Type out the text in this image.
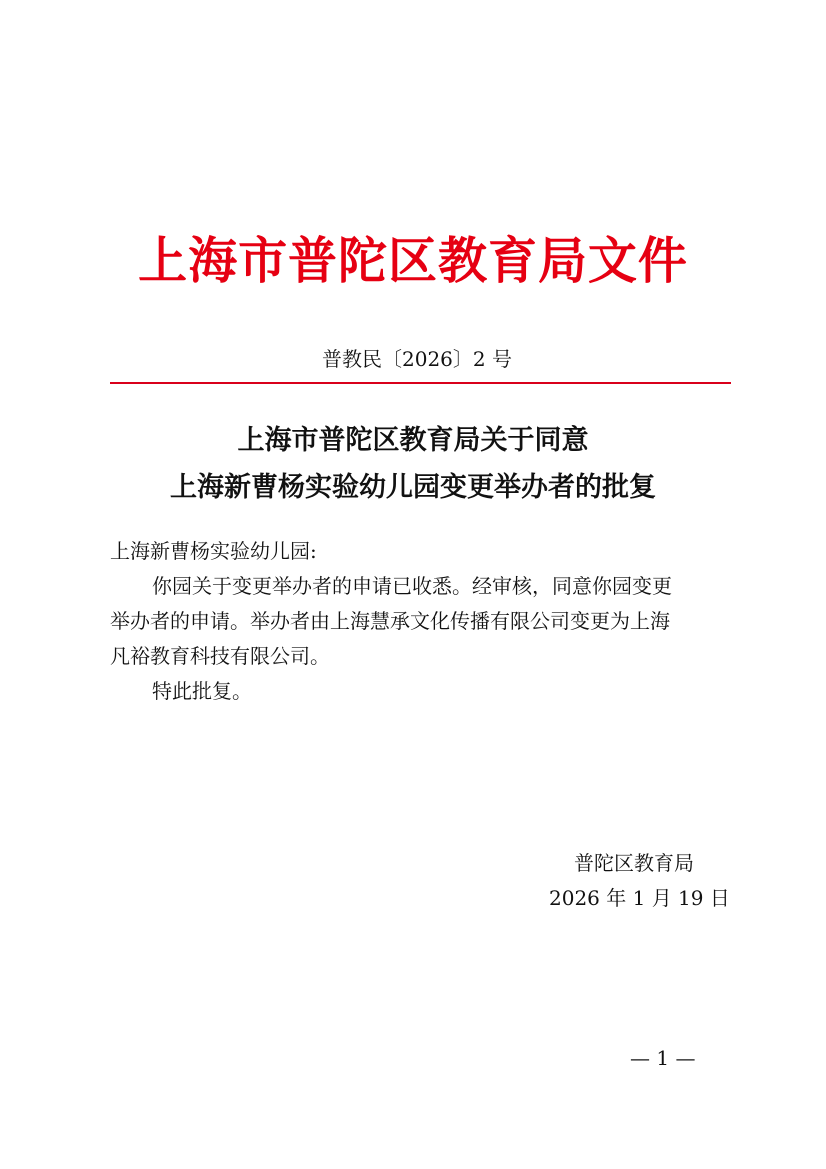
上海市普陀区教育局文件
普教民〔2026〕2 号
上海市普陀区教育局关于同意
上海新曹杨实验幼儿园变更举办者的批复
上海新曹杨实验幼儿园:
你园关于变更举办者的申请已收悉。经审核，同意你园变更
举办者的申请。举办者由上海慧承文化传播有限公司变更为上海
凡裕教育科技有限公司。
特此批复。
普陀区教育局
2026 年 1 月 19 日
— 1 —
